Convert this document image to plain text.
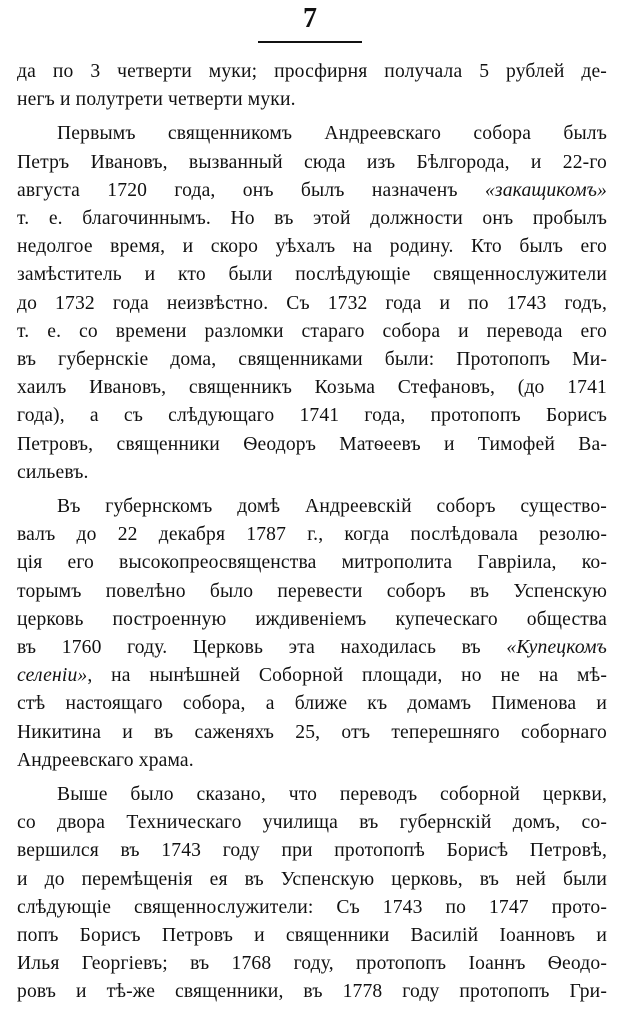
7
да по 3 четверти муки; просфирня получала 5 рублей де-
негъ и полутрети четверти муки.
Первымъ священникомъ Андреевскаго собора былъ
Петръ Ивановъ, вызванный сюда изъ Бѣлгорода, и 22-го
августа 1720 года, онъ былъ назначенъ «закащикомъ»
т. е. благочиннымъ. Но въ этой должности онъ пробылъ
недолгое время, и скоро уѣхалъ на родину. Кто былъ его
замѣститель и кто были послѣдующіе священнослужители
до 1732 года неизвѣстно. Съ 1732 года и по 1743 годъ,
т. е. со времени разломки стараго собора и перевода его
въ губернскіе дома, священниками были: Протопопъ Ми-
хаилъ Ивановъ, священникъ Козьма Стефановъ, (до 1741
года), а съ слѣдующаго 1741 года, протопопъ Борисъ
Петровъ, священники Ѳеодоръ Матѳеевъ и Тимофей Ва-
сильевъ.
Въ губернскомъ домѣ Андреевскій соборъ существо-
валъ до 22 декабря 1787 г., когда послѣдовала резолю-
ція его высокопреосвященства митрополита Гавріила, ко-
торымъ повелѣно было перевести соборъ въ Успенскую
церковь построенную иждивеніемъ купеческаго общества
въ 1760 году. Церковь эта находилась въ «Купецкомъ
селеніи», на нынѣшней Соборной площади, но не на мѣ-
стѣ настоящаго собора, а ближе къ домамъ Пименова и
Никитина и въ саженяхъ 25, отъ теперешняго соборнаго
Андреевскаго храма.
Выше было сказано, что переводъ соборной церкви,
со двора Техническаго училища въ губернскій домъ, со-
вершился въ 1743 году при протопопѣ Борисѣ Петровѣ,
и до перемѣщенія ея въ Успенскую церковь, въ ней были
слѣдующіе священнослужители: Съ 1743 по 1747 прото-
попъ Борисъ Петровъ и священники Василій Іоанновъ и
Илья Георгіевъ; въ 1768 году, протопопъ Іоаннъ Ѳеодо-
ровъ и тѣ-же священники, въ 1778 году протопопъ Гри-
